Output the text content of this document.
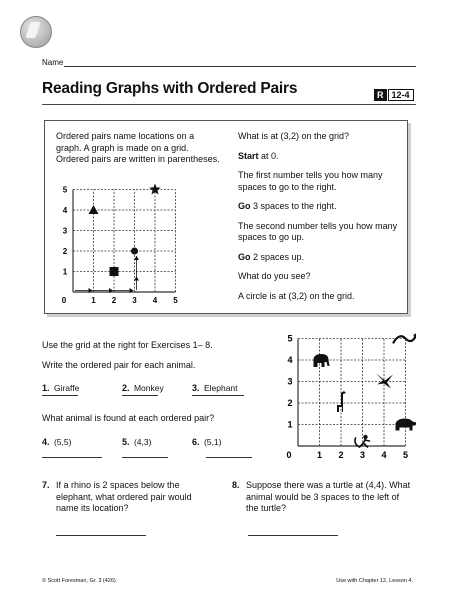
Name
Reading Graphs with Ordered Pairs	R 12-4
Ordered pairs name locations on a graph. A graph is made on a grid. Ordered pairs are written in parentheses.
0	1 2 3 4 5
1
2
3
4
5

What is at (3,2) on the grid?

Start at 0.

The first number tells you how many spaces to go to the right.

Go 3 spaces to the right.

The second number tells you how many spaces to go up.

Go 2 spaces up.

What do you see?

A circle is at (3,2) on the grid.

Use the grid at the right for Exercises 1– 8.
Write the ordered pair for each animal.
1. Giraffe	2. Monkey	3. Elephant
What animal is found at each ordered pair?
4. (5,5)	5. (4,3)	6. (5,1)
0	1 2 3 4 5
1
2
3
4
5
7. If a rhino is 2 spaces below the elephant, what ordered pair would name its location?
8. Suppose there was a turtle at (4,4). What animal would be 3 spaces to the left of the turtle?
© Scott Foresman, Gr. 3 (426)	Use with Chapter 12, Lesson 4.
